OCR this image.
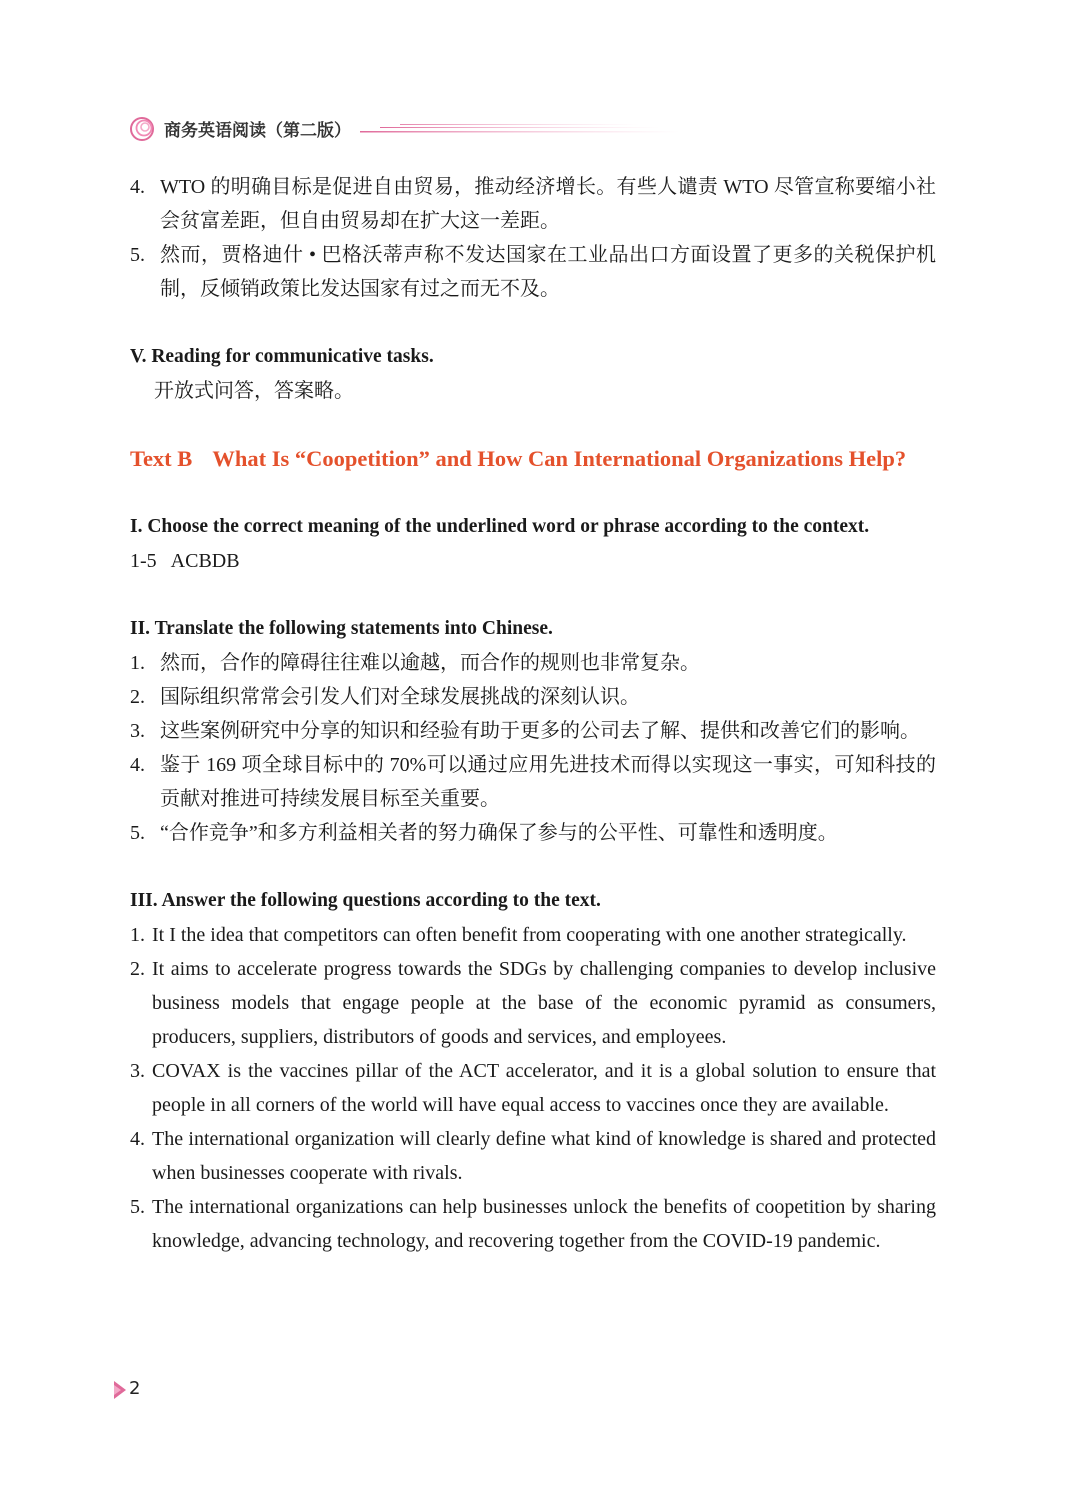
商务英语阅读（第二版）
4. WTO 的明确目标是促进自由贸易，推动经济增长。有些人谴责 WTO 尽管宣称要缩小社会贫富差距，但自由贸易却在扩大这一差距。
5. 然而，贾格迪什 • 巴格沃蒂声称不发达国家在工业品出口方面设置了更多的关税保护机制，反倾销政策比发达国家有过之而无不及。
V. Reading for communicative tasks.
开放式问答，答案略。
Text B What Is “Coopetition” and How Can International Organizations Help?
I. Choose the correct meaning of the underlined word or phrase according to the context.
1-5 ACBDB
II. Translate the following statements into Chinese.
1. 然而，合作的障碍往往难以逾越，而合作的规则也非常复杂。
2. 国际组织常常会引发人们对全球发展挑战的深刻认识。
3. 这些案例研究中分享的知识和经验有助于更多的公司去了解、提供和改善它们的影响。
4. 鉴于 169 项全球目标中的 70%可以通过应用先进技术而得以实现这一事实，可知科技的贡献对推进可持续发展目标至关重要。
5. “合作竞争”和多方利益相关者的努力确保了参与的公平性、可靠性和透明度。
III. Answer the following questions according to the text.
1. It I the idea that competitors can often benefit from cooperating with one another strategically.
2. It aims to accelerate progress towards the SDGs by challenging companies to develop inclusive business models that engage people at the base of the economic pyramid as consumers, producers, suppliers, distributors of goods and services, and employees.
3. COVAX is the vaccines pillar of the ACT accelerator, and it is a global solution to ensure that people in all corners of the world will have equal access to vaccines once they are available.
4. The international organization will clearly define what kind of knowledge is shared and protected when businesses cooperate with rivals.
5. The international organizations can help businesses unlock the benefits of coopetition by sharing knowledge, advancing technology, and recovering together from the COVID-19 pandemic.
2
